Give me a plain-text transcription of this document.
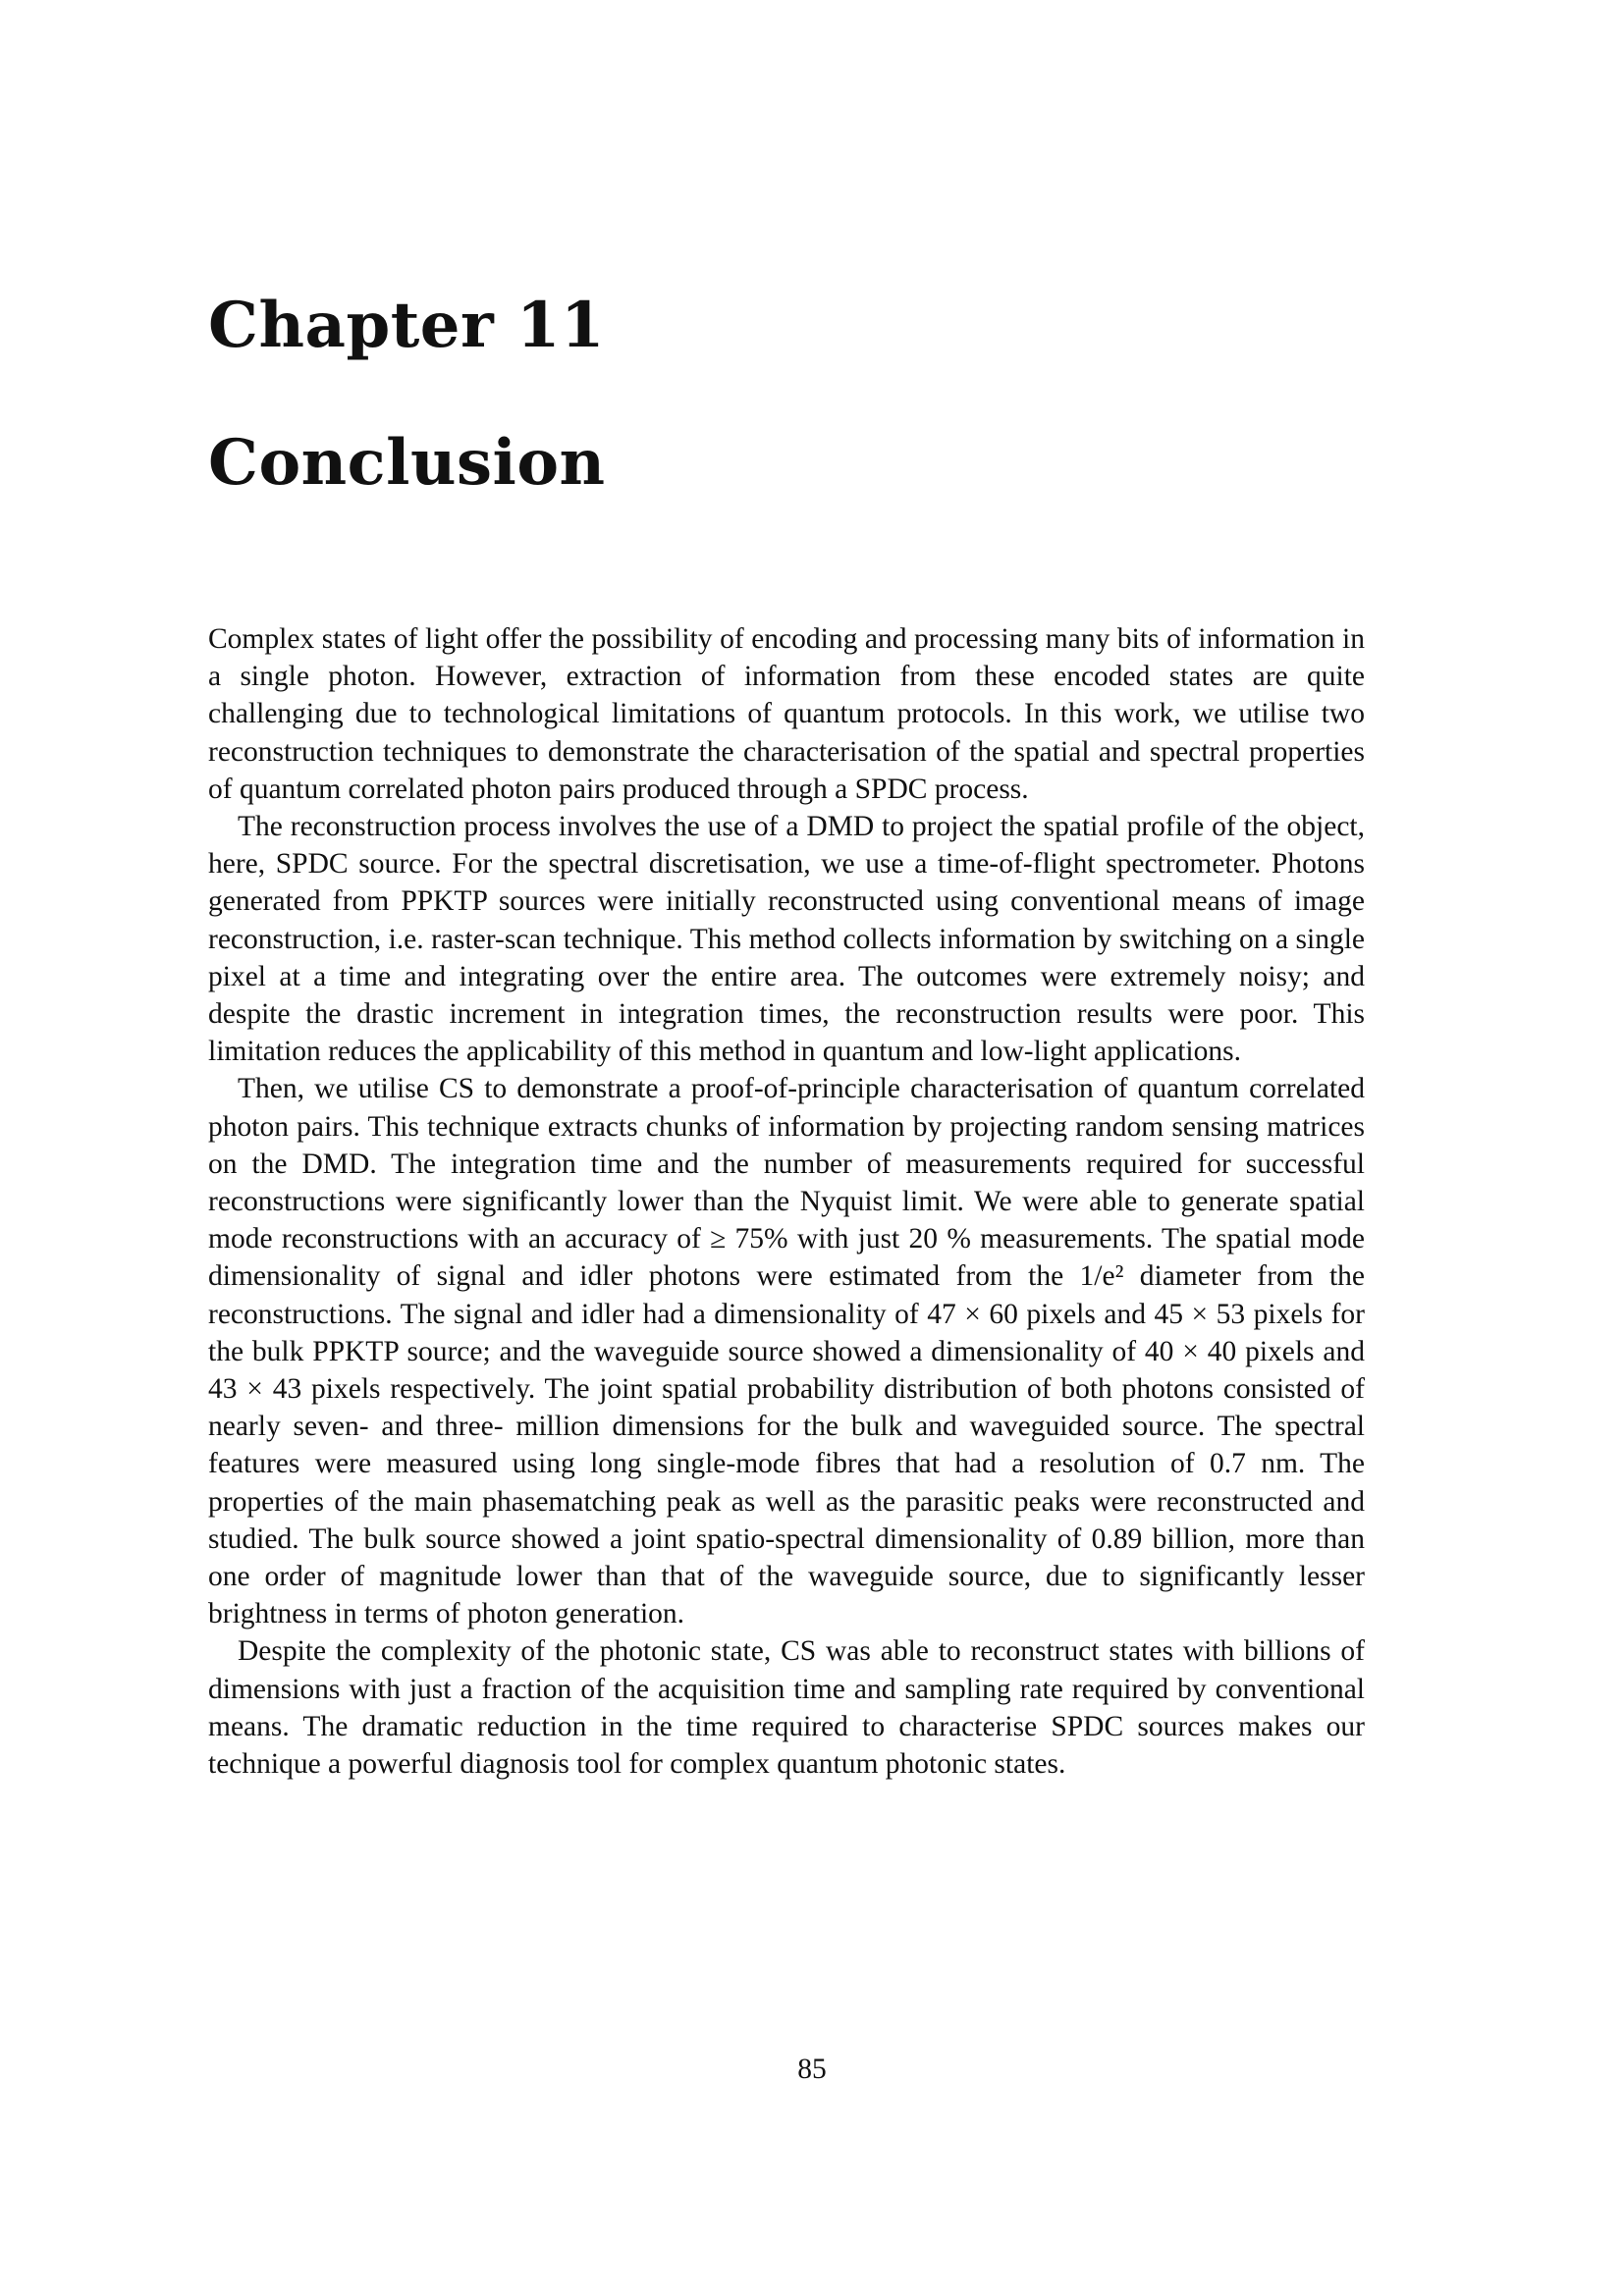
Chapter 11
Conclusion

Complex states of light offer the possibility of encoding and processing many bits of information in a single photon. However, extraction of information from these encoded states are quite challenging due to technological limitations of quantum protocols. In this work, we utilise two reconstruction techniques to demonstrate the characterisation of the spatial and spectral properties of quantum correlated photon pairs produced through a SPDC process.

The reconstruction process involves the use of a DMD to project the spatial profile of the object, here, SPDC source. For the spectral discretisation, we use a time-of-flight spectrometer. Photons generated from PPKTP sources were initially reconstructed using conventional means of image reconstruction, i.e. raster-scan technique. This method collects information by switching on a single pixel at a time and integrating over the entire area. The outcomes were extremely noisy; and despite the drastic increment in integration times, the reconstruction results were poor. This limitation reduces the applicability of this method in quantum and low-light applications.

Then, we utilise CS to demonstrate a proof-of-principle characterisation of quantum correlated photon pairs. This technique extracts chunks of information by projecting random sensing matrices on the DMD. The integration time and the number of measurements required for successful reconstructions were significantly lower than the Nyquist limit. We were able to generate spatial mode reconstructions with an accuracy of ≥ 75% with just 20 % measurements. The spatial mode dimensionality of signal and idler photons were estimated from the 1/e² diameter from the reconstructions. The signal and idler had a dimensionality of 47 × 60 pixels and 45 × 53 pixels for the bulk PPKTP source; and the waveguide source showed a dimensionality of 40 × 40 pixels and 43 × 43 pixels respectively. The joint spatial probability distribution of both photons consisted of nearly seven- and three- million dimensions for the bulk and waveguided source. The spectral features were measured using long single-mode fibres that had a resolution of 0.7 nm. The properties of the main phasematching peak as well as the parasitic peaks were reconstructed and studied. The bulk source showed a joint spatio-spectral dimensionality of 0.89 billion, more than one order of magnitude lower than that of the waveguide source, due to significantly lesser brightness in terms of photon generation.

Despite the complexity of the photonic state, CS was able to reconstruct states with billions of dimensions with just a fraction of the acquisition time and sampling rate required by conventional means. The dramatic reduction in the time required to characterise SPDC sources makes our technique a powerful diagnosis tool for complex quantum photonic states.

85
